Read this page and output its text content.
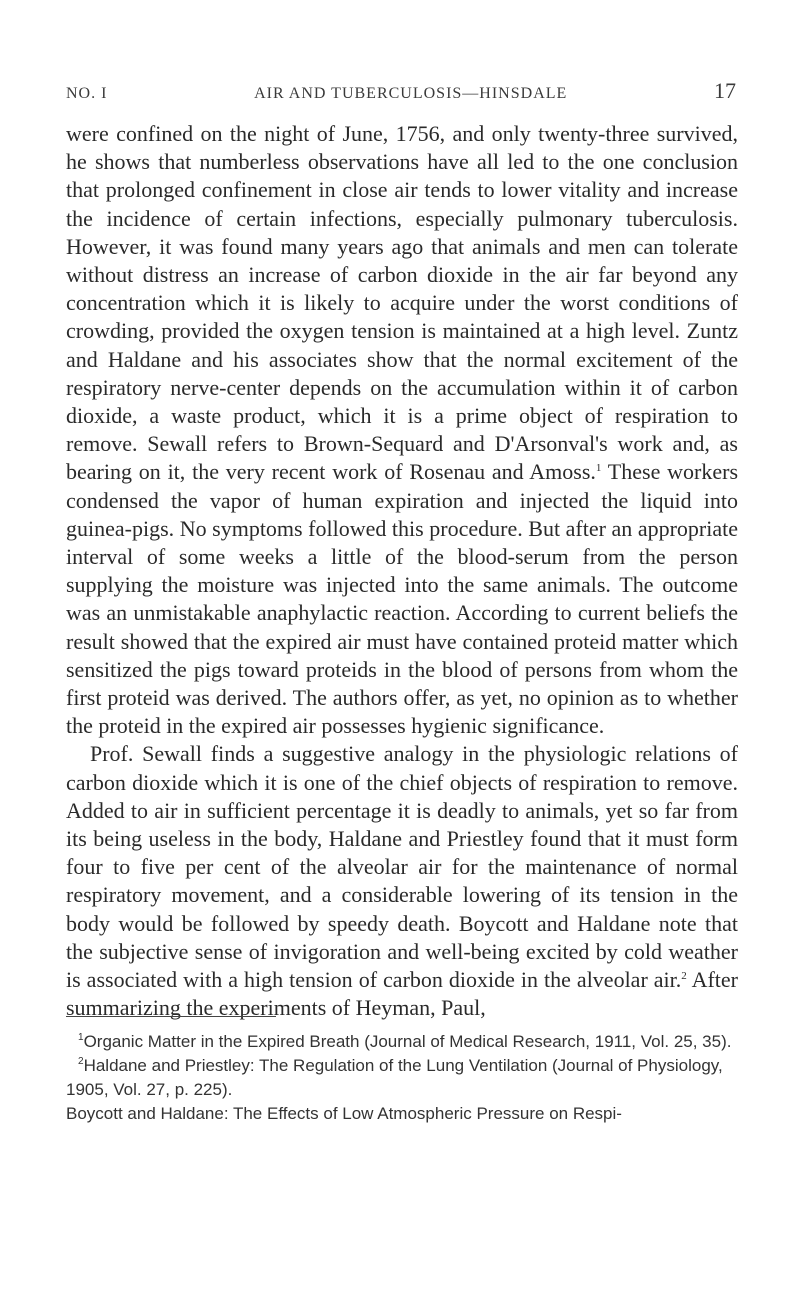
NO. I	AIR AND TUBERCULOSIS—HINSDALE	17

were confined on the night of June, 1756, and only twenty-three survived, he shows that numberless observations have all led to the one conclusion that prolonged confinement in close air tends to lower vitality and increase the incidence of certain infections, especially pulmonary tuberculosis. However, it was found many years ago that animals and men can tolerate without distress an increase of carbon dioxide in the air far beyond any concentration which it is likely to acquire under the worst conditions of crowding, provided the oxygen tension is maintained at a high level. Zuntz and Haldane and his associates show that the normal excitement of the respiratory nerve-center depends on the accumulation within it of carbon dioxide, a waste product, which it is a prime object of respiration to remove. Sewall refers to Brown-Sequard and D'Arsonval's work and, as bearing on it, the very recent work of Rosenau and Amoss.$^1$ These workers condensed the vapor of human expiration and injected the liquid into guinea-pigs. No symptoms followed this procedure. But after an appropriate interval of some weeks a little of the blood-serum from the person supplying the moisture was injected into the same animals. The outcome was an unmistakable anaphylactic reaction. According to current beliefs the result showed that the expired air must have contained proteid matter which sensitized the pigs toward proteids in the blood of persons from whom the first proteid was derived. The authors offer, as yet, no opinion as to whether the proteid in the expired air possesses hygienic significance.

Prof. Sewall finds a suggestive analogy in the physiologic relations of carbon dioxide which it is one of the chief objects of respiration to remove. Added to air in sufficient percentage it is deadly to animals, yet so far from its being useless in the body, Haldane and Priestley found that it must form four to five per cent of the alveolar air for the maintenance of normal respiratory movement, and a considerable lowering of its tension in the body would be followed by speedy death. Boycott and Haldane note that the subjective sense of invigoration and well-being excited by cold weather is associated with a high tension of carbon dioxide in the alveolar air.$^2$ After summarizing the experiments of Heyman, Paul,

$^1$Organic Matter in the Expired Breath (Journal of Medical Research, 1911, Vol. 25, 35).

$^2$Haldane and Priestley: The Regulation of the Lung Ventilation (Journal of Physiology, 1905, Vol. 27, p. 225).

Boycott and Haldane: The Effects of Low Atmospheric Pressure on Respi-
